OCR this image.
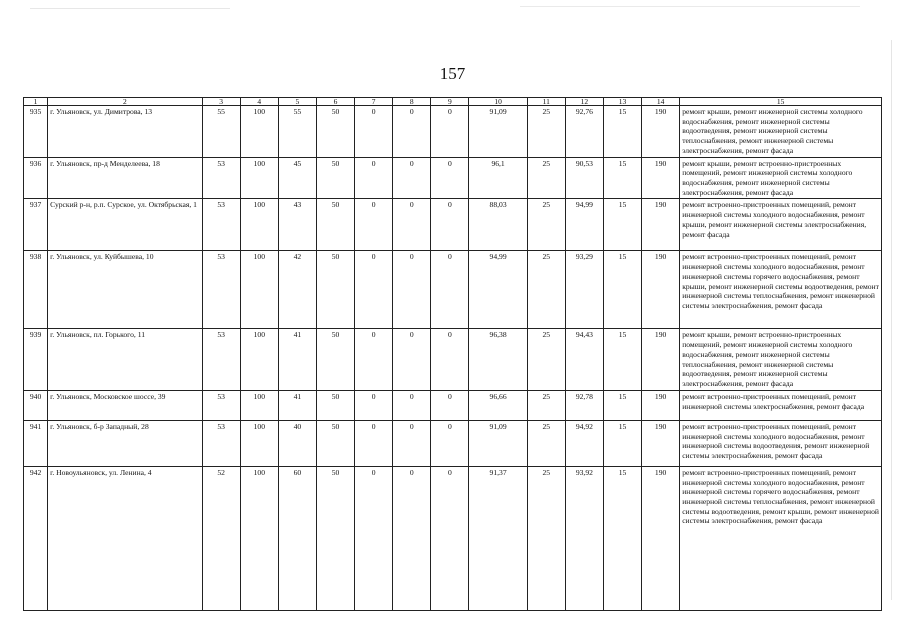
157
1	2	3	4	5	6	7	8	9	10	11	12	13	14	15
935	г. Ульяновск, ул. Димитрова, 13	55	100	55	50	0	0	0	91,09	25	92,76	15	190	ремонт крыши, ремонт инженерной системы холодного водоснабжения, ремонт инженерной системы водоотведения, ремонт инженерной системы теплоснабжения, ремонт инженерной системы электроснабжения, ремонт фасада
936	г. Ульяновск, пр-д Менделеева, 18	53	100	45	50	0	0	0	96,1	25	90,53	15	190	ремонт крыши, ремонт встроенно-пристроенных помещений, ремонт инженерной системы холодного водоснабжения, ремонт инженерной системы электроснабжения, ремонт фасада
937	Сурский р-н, р.п. Сурское, ул. Октябрьская, 1	53	100	43	50	0	0	0	88,03	25	94,99	15	190	ремонт встроенно-пристроенных помещений, ремонт инженерной системы холодного водоснабжения, ремонт крыши, ремонт инженерной системы электроснабжения, ремонт фасада
938	г. Ульяновск, ул. Куйбышева, 10	53	100	42	50	0	0	0	94,99	25	93,29	15	190	ремонт встроенно-пристроенных помещений, ремонт инженерной системы холодного водоснабжения, ремонт инженерной системы горячего водоснабжения, ремонт крыши, ремонт инженерной системы водоотведения, ремонт инженерной системы теплоснабжения, ремонт инженерной системы электроснабжения, ремонт фасада
939	г. Ульяновск, пл. Горького, 11	53	100	41	50	0	0	0	96,38	25	94,43	15	190	ремонт крыши, ремонт встроенно-пристроенных помещений, ремонт инженерной системы холодного водоснабжения, ремонт инженерной системы теплоснабжения, ремонт инженерной системы водоотведения, ремонт инженерной системы электроснабжения, ремонт фасада
940	г. Ульяновск, Московское шоссе, 39	53	100	41	50	0	0	0	96,66	25	92,78	15	190	ремонт встроенно-пристроенных помещений, ремонт инженерной системы электроснабжения, ремонт фасада
941	г. Ульяновск, б-р Западный, 28	53	100	40	50	0	0	0	91,09	25	94,92	15	190	ремонт встроенно-пристроенных помещений, ремонт инженерной системы холодного водоснабжения, ремонт инженерной системы водоотведения, ремонт инженерной системы электроснабжения, ремонт фасада
942	г. Новоульяновск, ул. Ленина, 4	52	100	60	50	0	0	0	91,37	25	93,92	15	190	ремонт встроенно-пристроенных помещений, ремонт инженерной системы холодного водоснабжения, ремонт инженерной системы горячего водоснабжения, ремонт инженерной системы теплоснабжения, ремонт инженерной системы водоотведения, ремонт крыши, ремонт инженерной системы электроснабжения, ремонт фасада
